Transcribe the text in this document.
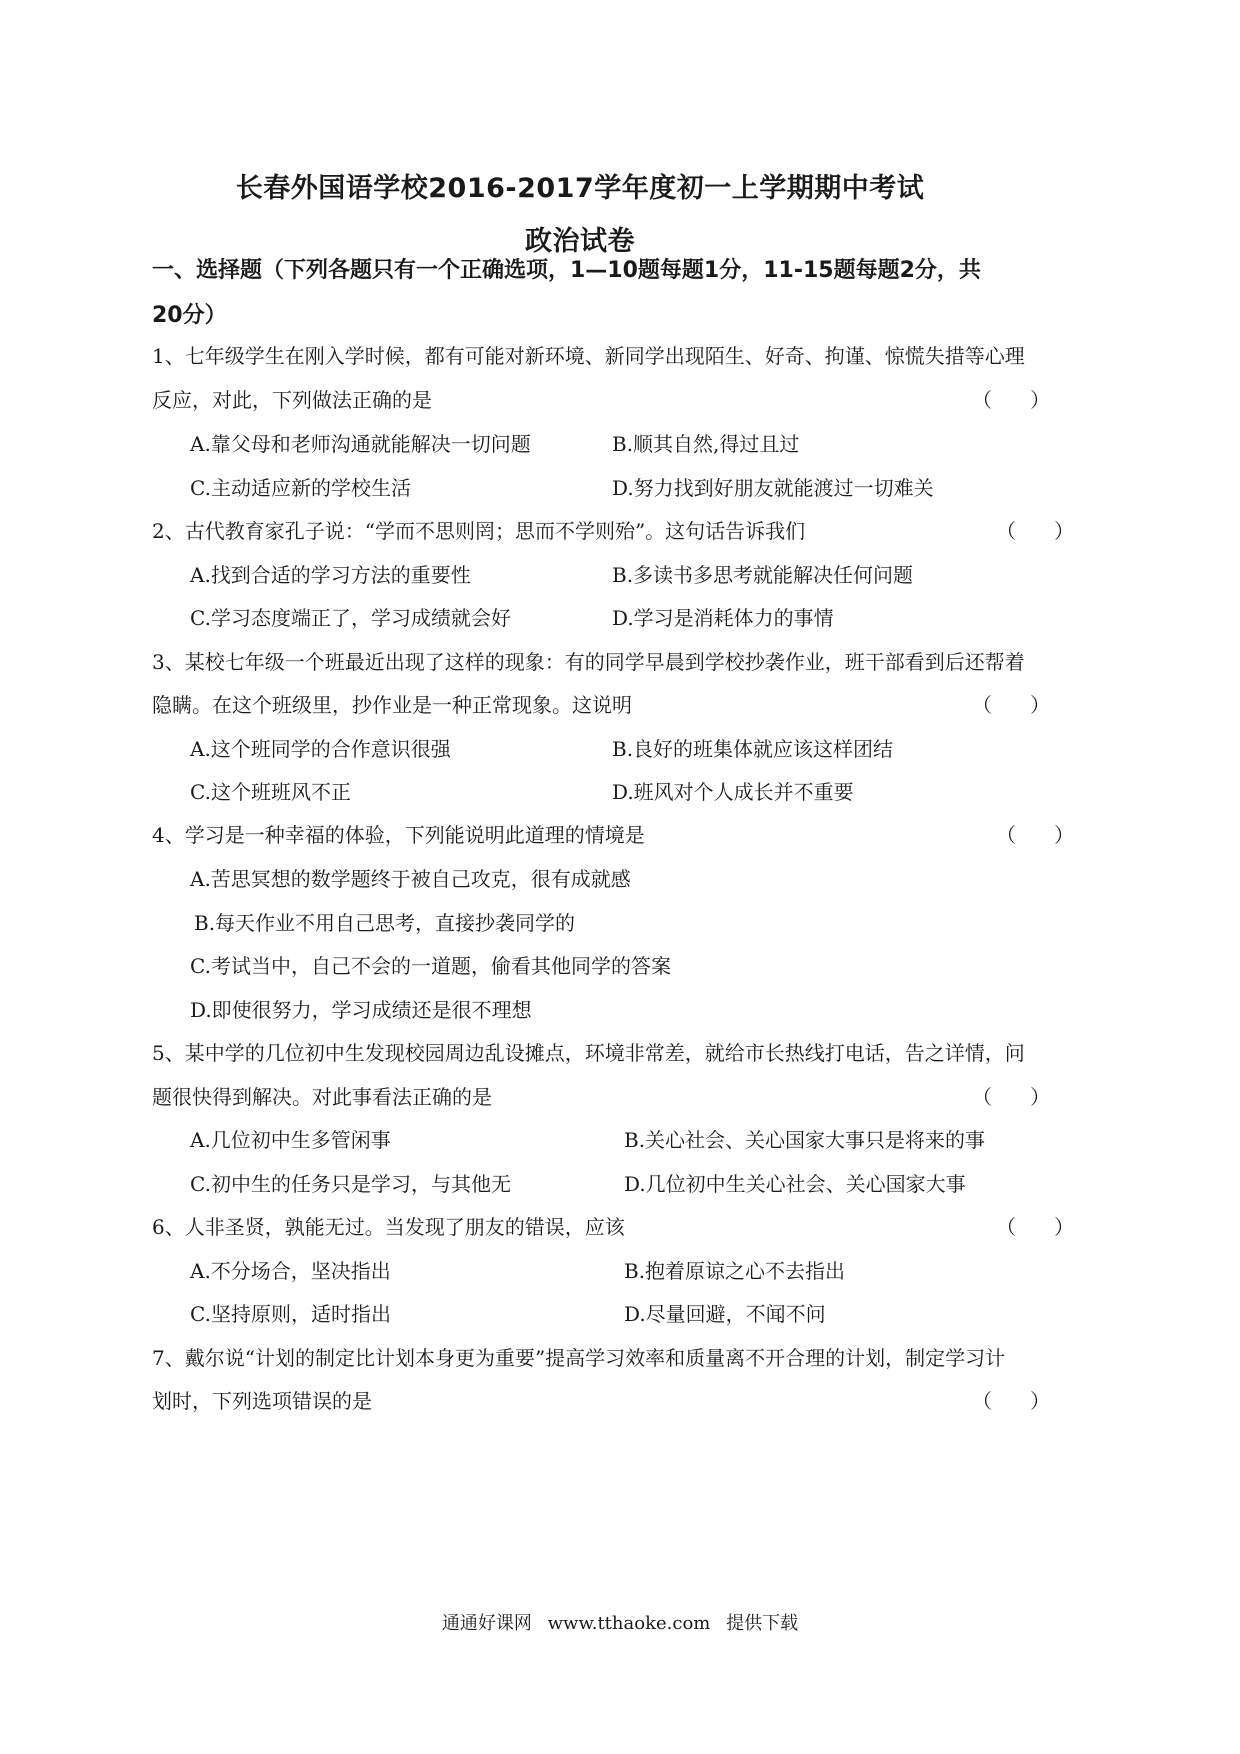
长春外国语学校2016-2017学年度初一上学期期中考试
政治试卷
一、选择题（下列各题只有一个正确选项，1—10题每题1分，11-15题每题2分，共
20分）
1、七年级学生在刚入学时候，都有可能对新环境、新同学出现陌生、好奇、拘谨、惊慌失措等心理
反应，对此，下列做法正确的是	（      ）
A.靠父母和老师沟通就能解决一切问题	B.顺其自然,得过且过
C.主动适应新的学校生活	D.努力找到好朋友就能渡过一切难关
2、古代教育家孔子说：“学而不思则罔；思而不学则殆”。这句话告诉我们	（      ）
A.找到合适的学习方法的重要性	B.多读书多思考就能解决任何问题
C.学习态度端正了，学习成绩就会好	D.学习是消耗体力的事情
3、某校七年级一个班最近出现了这样的现象：有的同学早晨到学校抄袭作业，班干部看到后还帮着
隐瞒。在这个班级里，抄作业是一种正常现象。这说明	（      ）
A.这个班同学的合作意识很强	B.良好的班集体就应该这样团结
C.这个班班风不正	D.班风对个人成长并不重要
4、学习是一种幸福的体验，下列能说明此道理的情境是	（      ）
A.苦思冥想的数学题终于被自己攻克，很有成就感
B.每天作业不用自己思考，直接抄袭同学的
C.考试当中，自己不会的一道题，偷看其他同学的答案
D.即使很努力，学习成绩还是很不理想
5、某中学的几位初中生发现校园周边乱设摊点，环境非常差，就给市长热线打电话，告之详情，问
题很快得到解决。对此事看法正确的是	（      ）
A.几位初中生多管闲事	B.关心社会、关心国家大事只是将来的事
C.初中生的任务只是学习，与其他无	D.几位初中生关心社会、关心国家大事
6、人非圣贤，孰能无过。当发现了朋友的错误，应该	（      ）
A.不分场合，坚决指出	B.抱着原谅之心不去指出
C.坚持原则，适时指出	D.尽量回避，不闻不问
7、戴尔说“计划的制定比计划本身更为重要”提高学习效率和质量离不开合理的计划，制定学习计
划时，下列选项错误的是	（      ）
通通好课网 www.tthaoke.com 提供下载
